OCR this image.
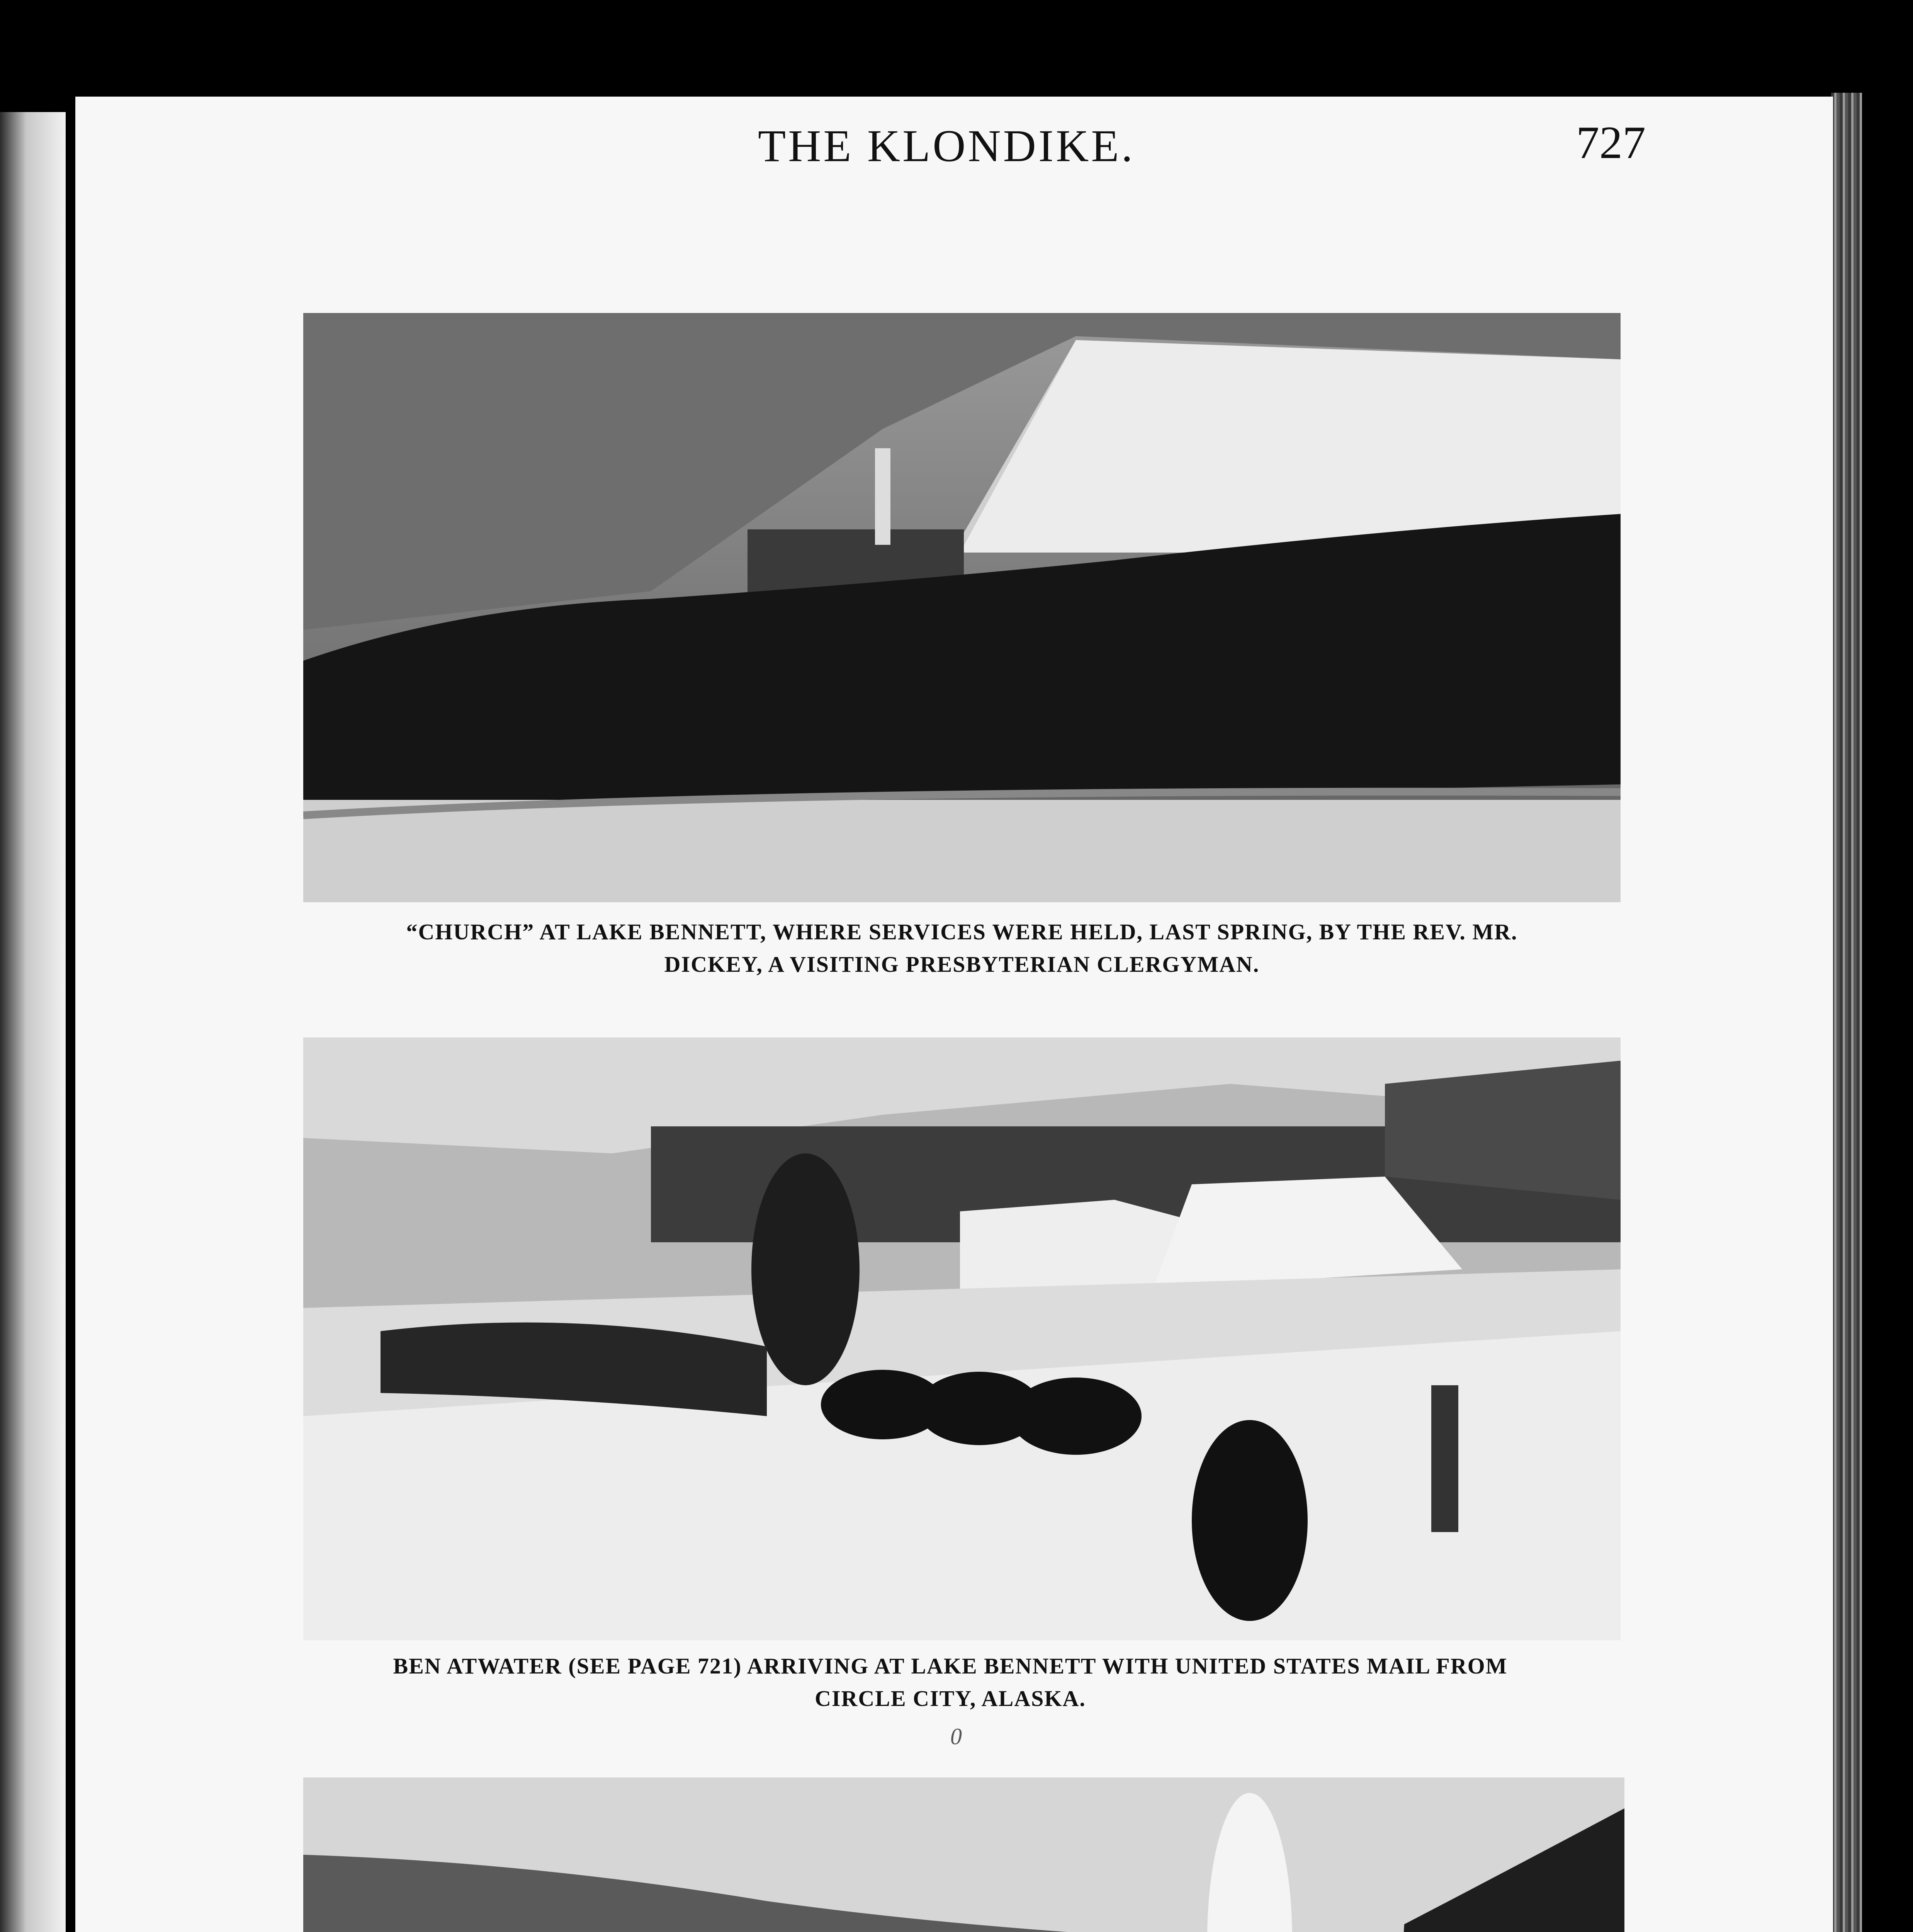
THE KLONDIKE.	727
“CHURCH” AT LAKE BENNETT, WHERE SERVICES WERE HELD, LAST SPRING, BY THE REV. MR.
DICKEY, A VISITING PRESBYTERIAN CLERGYMAN.
BEN ATWATER (SEE PAGE 721) ARRIVING AT LAKE BENNETT WITH UNITED STATES MAIL FROM
CIRCLE CITY, ALASKA.
0
